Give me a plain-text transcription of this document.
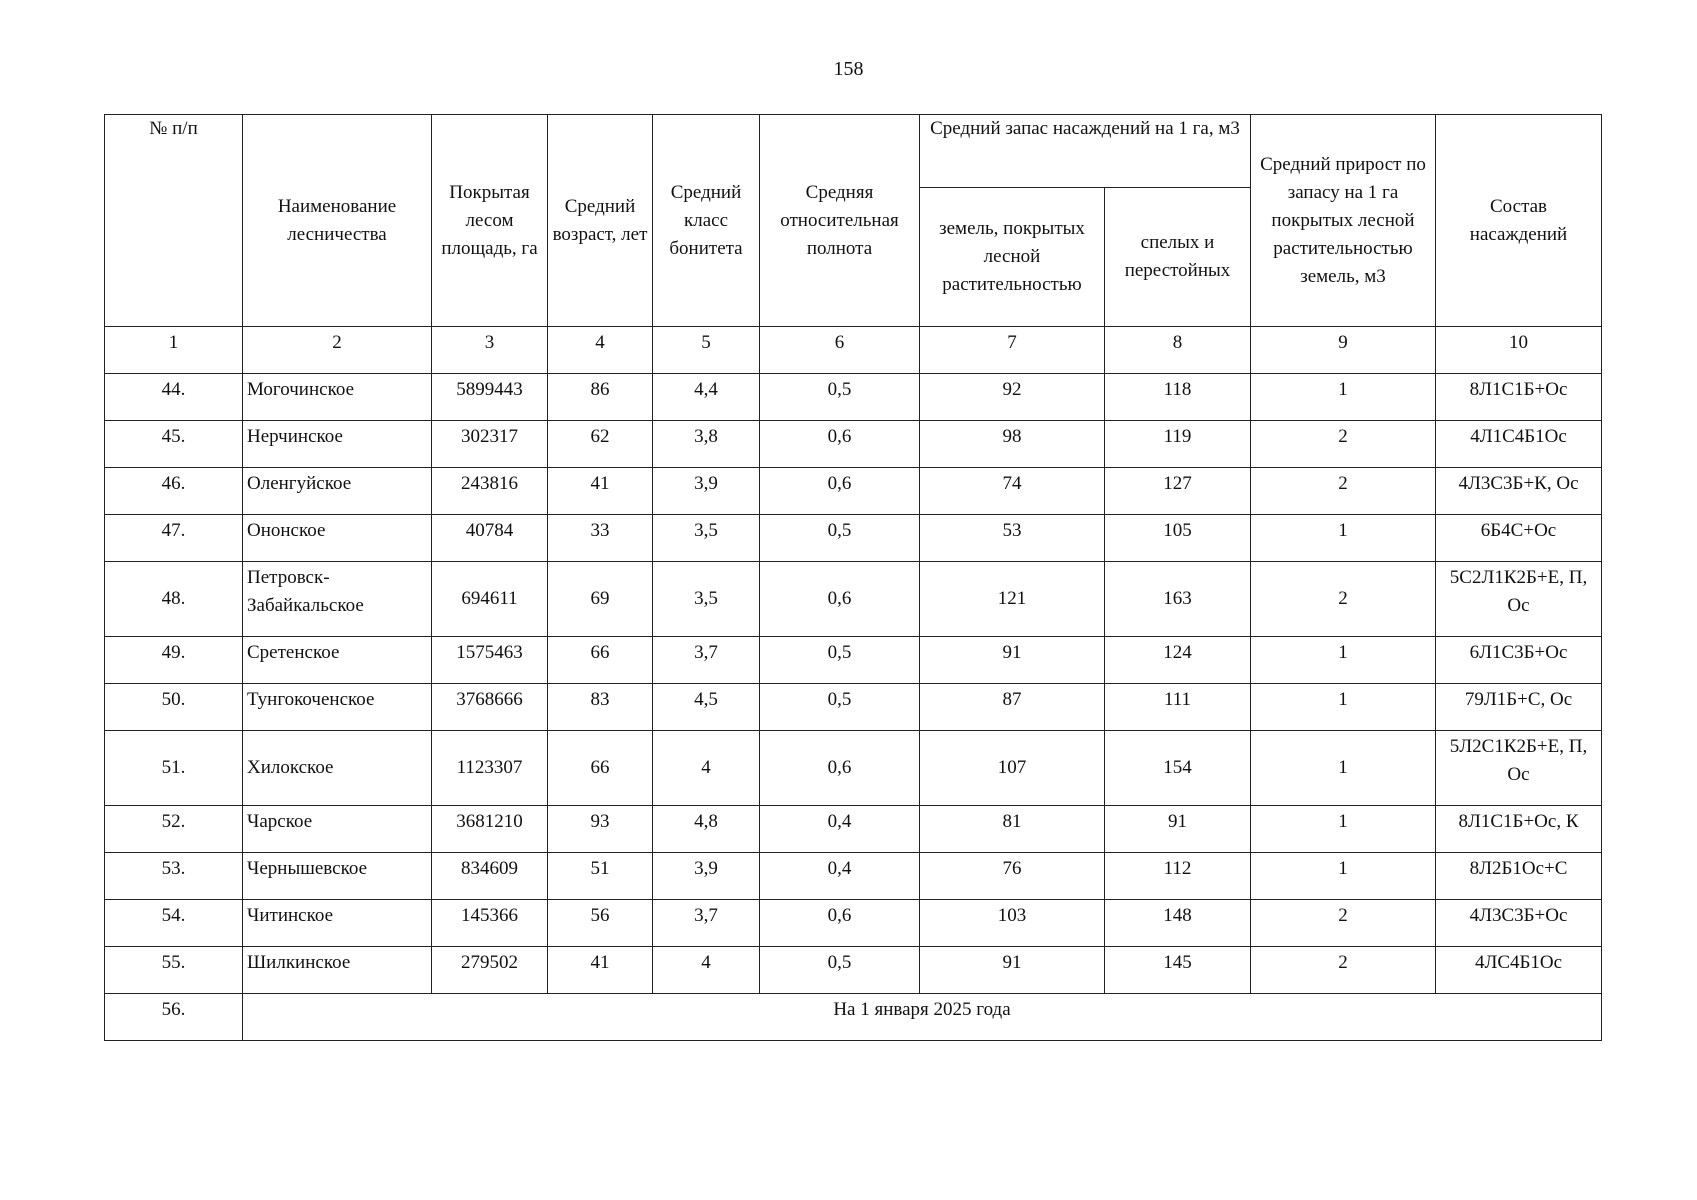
158
№ п/п	Наименование лесничества	Покрытая лесом площадь, га	Средний возраст, лет	Средний класс бонитета	Средняя относительная полнота	Средний запас насаждений на 1 га, м3		Средний прирост по запасу на 1 га покрытых лесной растительностью земель, м3	Состав насаждений
						земель, покрытых лесной растительностью	спелых и перестойных		
1	2	3	4	5	6	7	8	9	10
44.	Могочинское	5899443	86	4,4	0,5	92	118	1	8Л1С1Б+Ос
45.	Нерчинское	302317	62	3,8	0,6	98	119	2	4Л1С4Б1Ос
46.	Оленгуйское	243816	41	3,9	0,6	74	127	2	4Л3С3Б+К, Ос
47.	Ононское	40784	33	3,5	0,5	53	105	1	6Б4С+Ос
48.	Петровск-Забайкальское	694611	69	3,5	0,6	121	163	2	5С2Л1К2Б+Е, П, Ос
49.	Сретенское	1575463	66	3,7	0,5	91	124	1	6Л1С3Б+Ос
50.	Тунгокоченское	3768666	83	4,5	0,5	87	111	1	79Л1Б+С, Ос
51.	Хилокское	1123307	66	4	0,6	107	154	1	5Л2С1К2Б+Е, П, Ос
52.	Чарское	3681210	93	4,8	0,4	81	91	1	8Л1С1Б+Ос, К
53.	Чернышевское	834609	51	3,9	0,4	76	112	1	8Л2Б1Ос+С
54.	Читинское	145366	56	3,7	0,6	103	148	2	4Л3С3Б+Ос
55.	Шилкинское	279502	41	4	0,5	91	145	2	4ЛС4Б1Ос
56.	На 1 января 2025 года								
